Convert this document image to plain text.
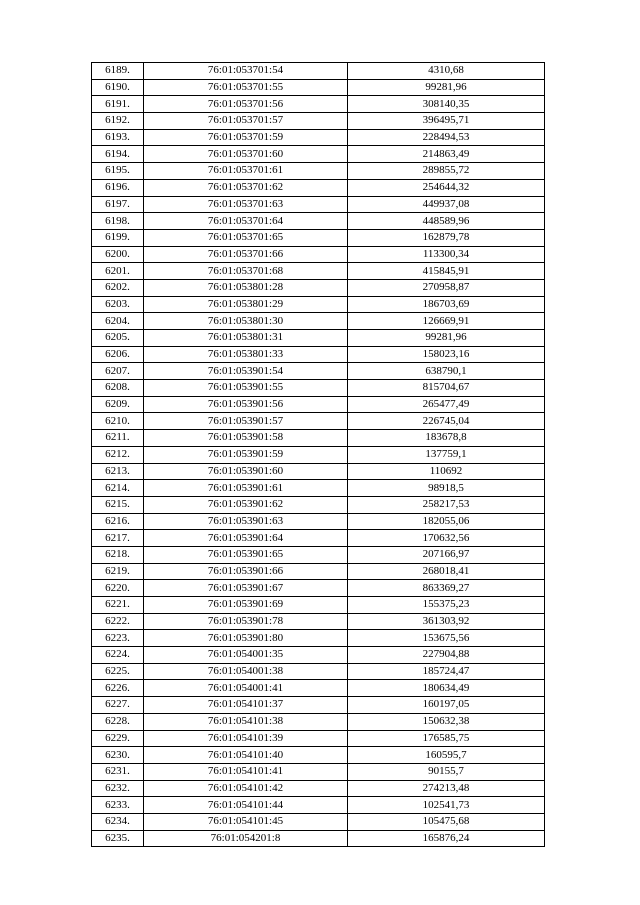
6189.	76:01:053701:54	4310,68
6190.	76:01:053701:55	99281,96
6191.	76:01:053701:56	308140,35
6192.	76:01:053701:57	396495,71
6193.	76:01:053701:59	228494,53
6194.	76:01:053701:60	214863,49
6195.	76:01:053701:61	289855,72
6196.	76:01:053701:62	254644,32
6197.	76:01:053701:63	449937,08
6198.	76:01:053701:64	448589,96
6199.	76:01:053701:65	162879,78
6200.	76:01:053701:66	113300,34
6201.	76:01:053701:68	415845,91
6202.	76:01:053801:28	270958,87
6203.	76:01:053801:29	186703,69
6204.	76:01:053801:30	126669,91
6205.	76:01:053801:31	99281,96
6206.	76:01:053801:33	158023,16
6207.	76:01:053901:54	638790,1
6208.	76:01:053901:55	815704,67
6209.	76:01:053901:56	265477,49
6210.	76:01:053901:57	226745,04
6211.	76:01:053901:58	183678,8
6212.	76:01:053901:59	137759,1
6213.	76:01:053901:60	110692
6214.	76:01:053901:61	98918,5
6215.	76:01:053901:62	258217,53
6216.	76:01:053901:63	182055,06
6217.	76:01:053901:64	170632,56
6218.	76:01:053901:65	207166,97
6219.	76:01:053901:66	268018,41
6220.	76:01:053901:67	863369,27
6221.	76:01:053901:69	155375,23
6222.	76:01:053901:78	361303,92
6223.	76:01:053901:80	153675,56
6224.	76:01:054001:35	227904,88
6225.	76:01:054001:38	185724,47
6226.	76:01:054001:41	180634,49
6227.	76:01:054101:37	160197,05
6228.	76:01:054101:38	150632,38
6229.	76:01:054101:39	176585,75
6230.	76:01:054101:40	160595,7
6231.	76:01:054101:41	90155,7
6232.	76:01:054101:42	274213,48
6233.	76:01:054101:44	102541,73
6234.	76:01:054101:45	105475,68
6235.	76:01:054201:8	165876,24
